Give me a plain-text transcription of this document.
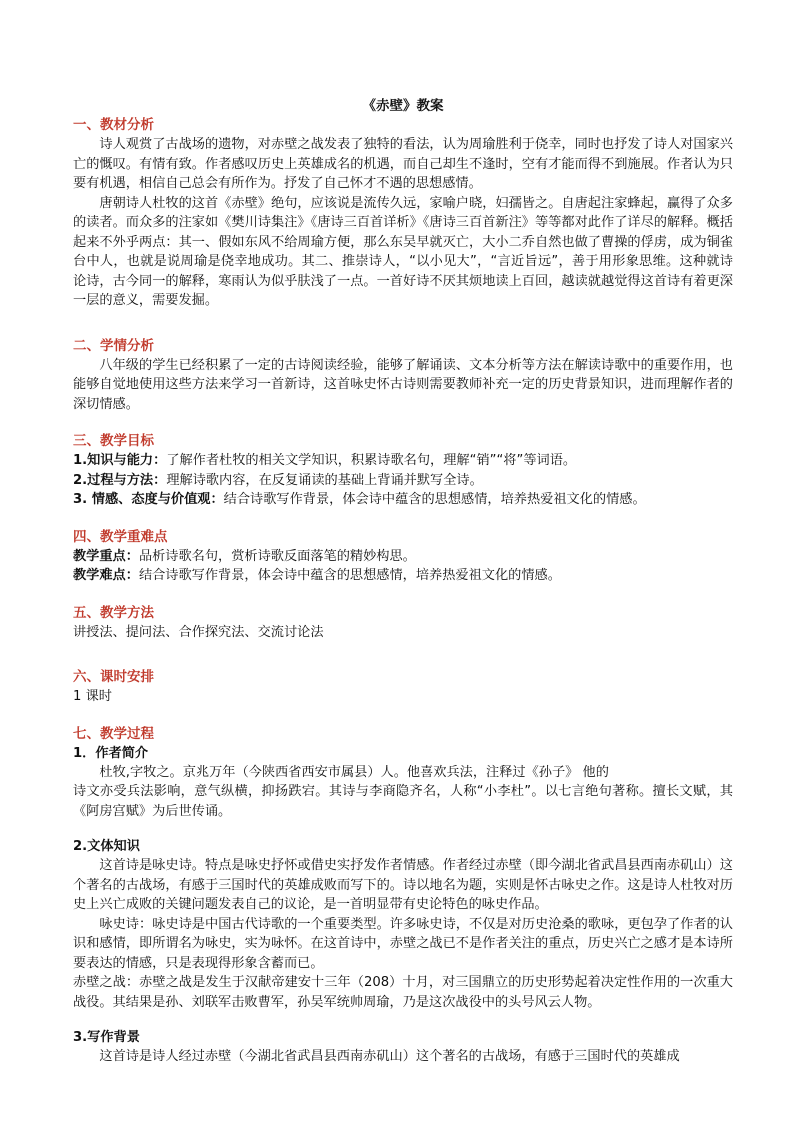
《赤壁》教案
一、教材分析

诗人观赏了古战场的遗物，对赤壁之战发表了独特的看法，认为周瑜胜利于侥幸，同时也抒发了诗人对国家兴亡的慨叹。有情有致。作者感叹历史上英雄成名的机遇，而自己却生不逢时，空有才能而得不到施展。作者认为只要有机遇，相信自己总会有所作为。抒发了自己怀才不遇的思想感情。

唐朝诗人杜牧的这首《赤壁》绝句，应该说是流传久远，家喻户晓，妇孺皆之。自唐起注家蜂起，赢得了众多的读者。而众多的注家如《樊川诗集注》《唐诗三百首详析》《唐诗三百首新注》等等都对此作了详尽的解释。概括起来不外乎两点：其一、假如东风不给周瑜方便，那么东吴早就灭亡，大小二乔自然也做了曹操的俘虏，成为铜雀台中人，也就是说周瑜是侥幸地成功。其二、推崇诗人，“以小见大”，“言近旨远”，善于用形象思维。这种就诗论诗，古今同一的解释，寒雨认为似乎肤浅了一点。一首好诗不厌其烦地读上百回，越读就越觉得这首诗有着更深一层的意义，需要发掘。

二、学情分析

八年级的学生已经积累了一定的古诗阅读经验，能够了解诵读、文本分析等方法在解读诗歌中的重要作用，也能够自觉地使用这些方法来学习一首新诗，这首咏史怀古诗则需要教师补充一定的历史背景知识，进而理解作者的深切情感。

三、教学目标

1.知识与能力：了解作者杜牧的相关文学知识，积累诗歌名句，理解“销”“将”等词语。

2.过程与方法：理解诗歌内容，在反复诵读的基础上背诵并默写全诗。

3. 情感、态度与价值观：结合诗歌写作背景，体会诗中蕴含的思想感情，培养热爱祖文化的情感。

四、教学重难点

教学重点：品析诗歌名句，赏析诗歌反面落笔的精妙构思。

教学难点：结合诗歌写作背景，体会诗中蕴含的思想感情，培养热爱祖文化的情感。

五、教学方法

讲授法、提问法、合作探究法、交流讨论法

六、课时安排

1 课时

七、教学过程
1．作者简介

杜牧,字牧之。京兆万年（今陕西省西安市属县）人。他喜欢兵法，注释过《孙子》 他的

诗文亦受兵法影响，意气纵横，抑扬跌宕。其诗与李商隐齐名，人称“小李杜”。以七言绝句著称。擅长文赋，其《阿房宫赋》为后世传诵。

2.文体知识

这首诗是咏史诗。特点是咏史抒怀或借史实抒发作者情感。作者经过赤壁（即今湖北省武昌县西南赤矶山）这个著名的古战场，有感于三国时代的英雄成败而写下的。诗以地名为题，实则是怀古咏史之作。这是诗人杜牧对历史上兴亡成败的关键问题发表自己的议论，是一首明显带有史论特色的咏史作品。

咏史诗：咏史诗是中国古代诗歌的一个重要类型。许多咏史诗，不仅是对历史沧桑的歌咏，更包孕了作者的认识和感情，即所谓名为咏史，实为咏怀。在这首诗中，赤壁之战已不是作者关注的重点，历史兴亡之感才是本诗所要表达的情感，只是表现得形象含蓄而已。

赤壁之战：赤壁之战是发生于汉献帝建安十三年（208）十月，对三国鼎立的历史形势起着决定性作用的一次重大战役。其结果是孙、刘联军击败曹军，孙吴军统帅周瑜，乃是这次战役中的头号风云人物。

3.写作背景

这首诗是诗人经过赤壁（今湖北省武昌县西南赤矶山）这个著名的古战场，有感于三国时代的英雄成
